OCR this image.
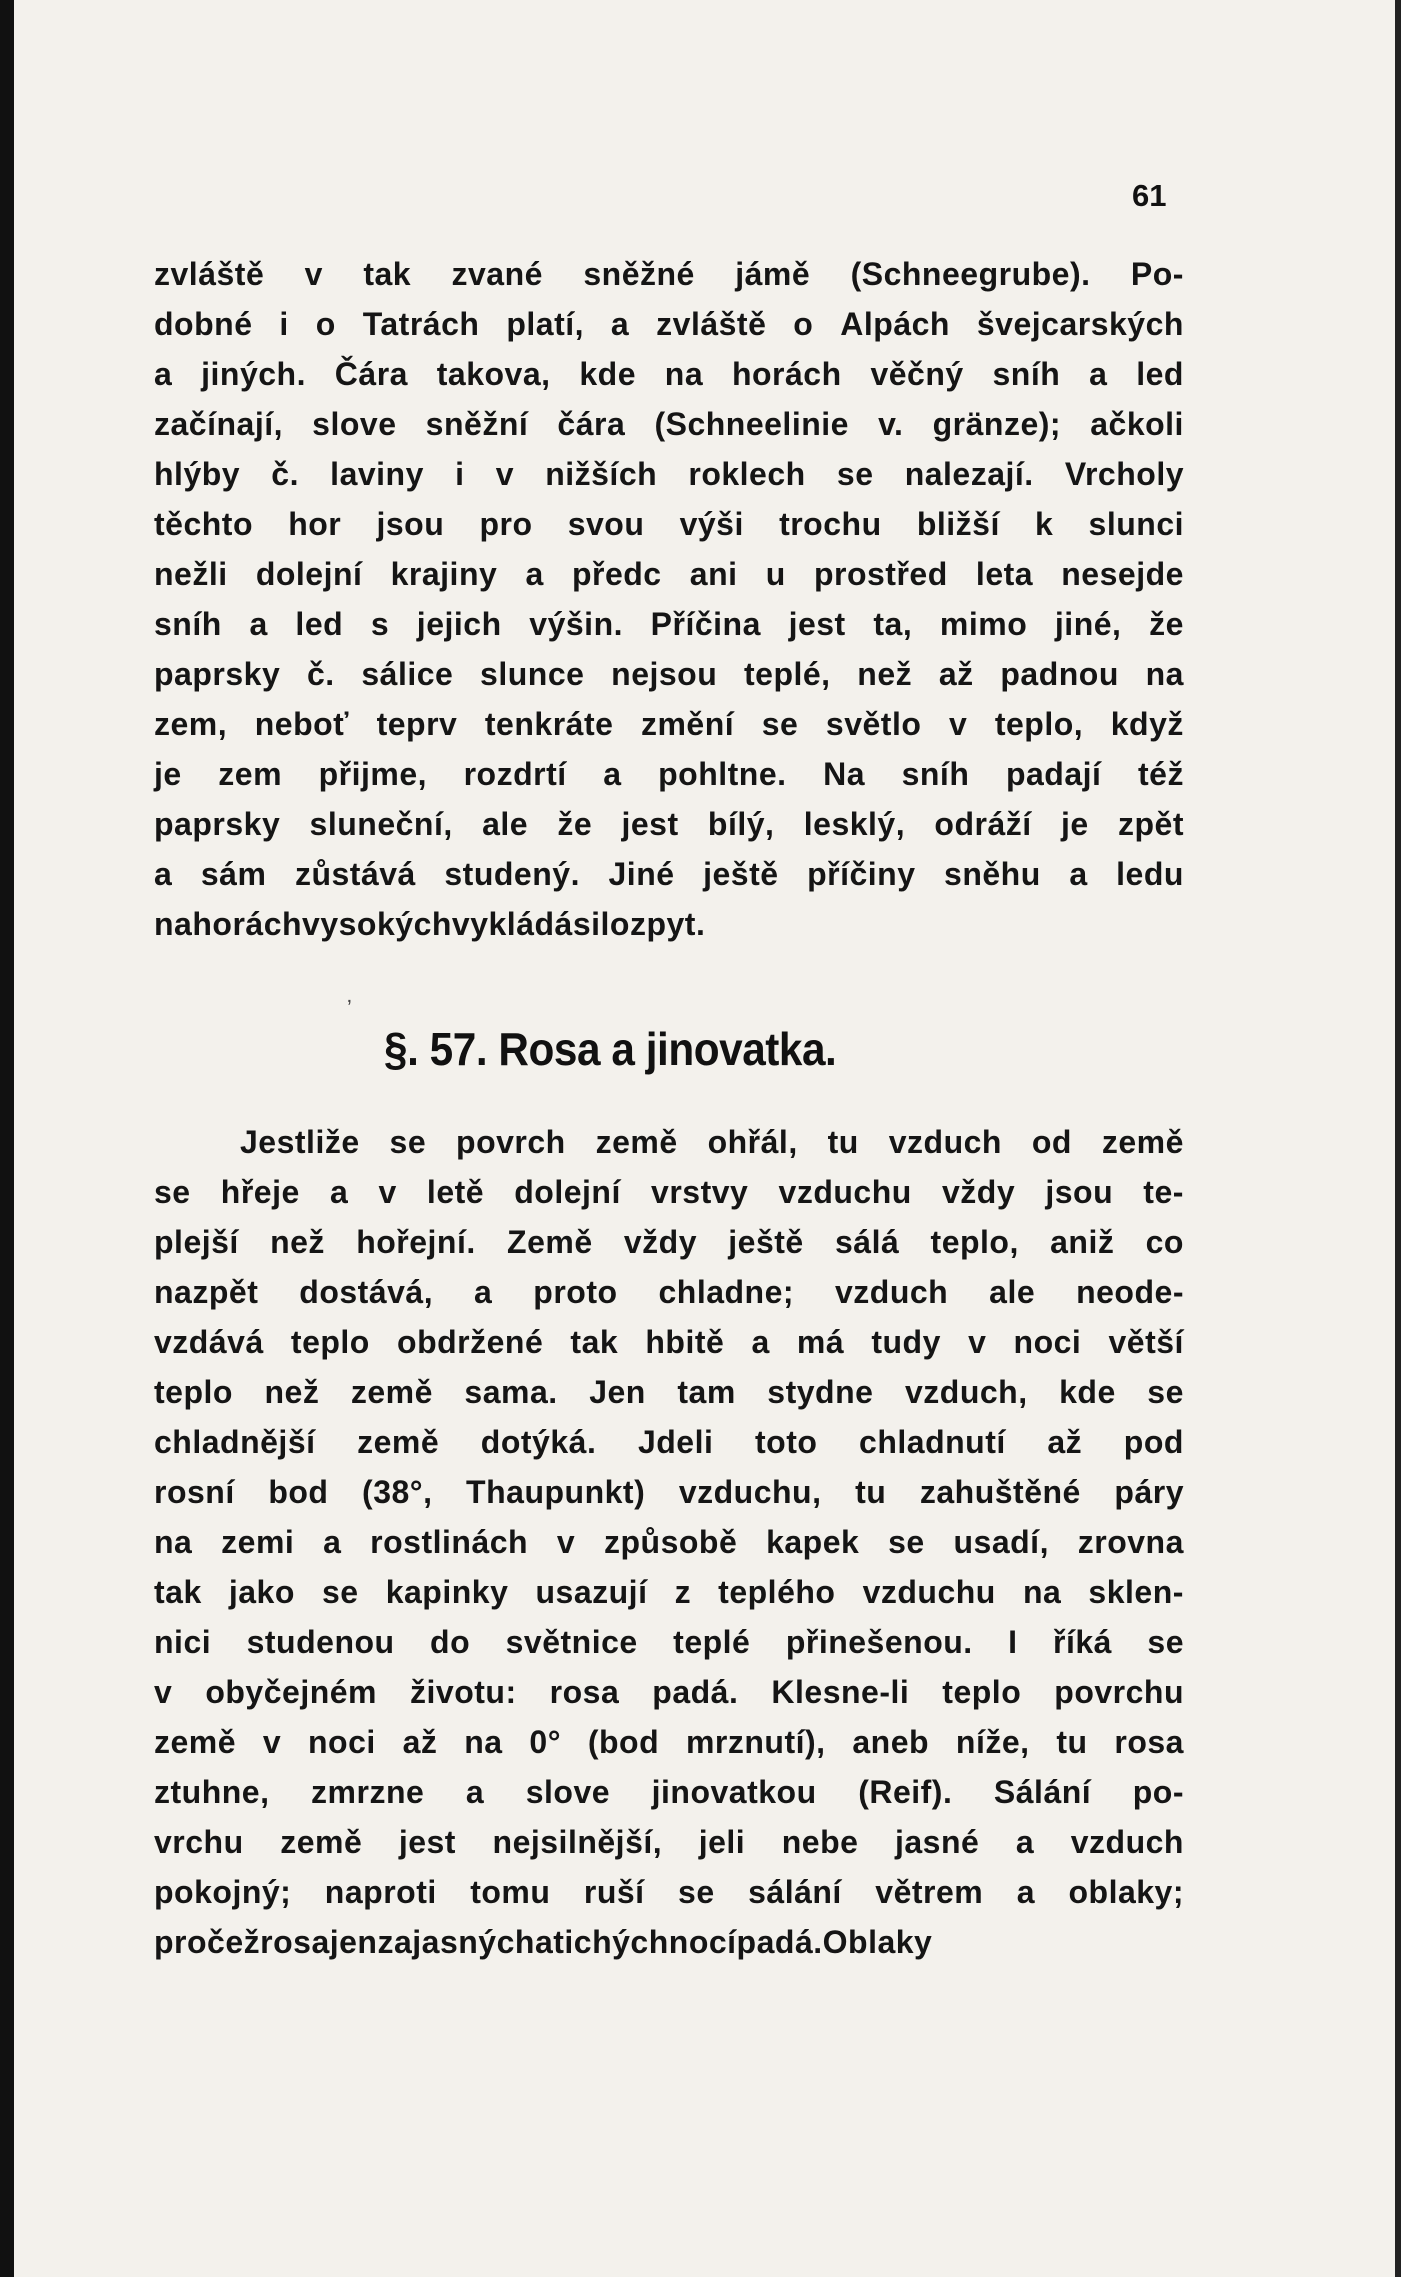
61
zvláště v tak zvané sněžné jámě (Schneegrube). Po-
dobné i o Tatrách platí, a zvláště o Alpách švejcarských
a jiných. Čára takova, kde na horách věčný sníh a led
začínají, slove sněžní čára (Schneelinie v. gränze); ačkoli
hlýby č. laviny i v nižších roklech se nalezají. Vrcholy
těchto hor jsou pro svou výši trochu bližší k slunci
nežli dolejní krajiny a předc ani u prostřed leta nesejde
sníh a led s jejich výšin. Příčina jest ta, mimo jiné, že
paprsky č. sálice slunce nejsou teplé, než až padnou na
zem, neboť teprv tenkráte změní se světlo v teplo, když
je zem přijme, rozdrtí a pohltne. Na sníh padají též
paprsky sluneční, ale že jest bílý, lesklý, odráží je zpět
a sám zůstává studený. Jiné ještě příčiny sněhu a ledu
na horách vysokých vykládá silozpyt.
§. 57. Rosa a jinovatka.
Jestliže se povrch země ohřál, tu vzduch od země
se hřeje a v letě dolejní vrstvy vzduchu vždy jsou te-
plejší než hořejní. Země vždy ještě sálá teplo, aniž co
nazpět dostává, a proto chladne; vzduch ale neode-
vzdává teplo obdržené tak hbitě a má tudy v noci větší
teplo než země sama. Jen tam stydne vzduch, kde se
chladnější země dotýká. Jdeli toto chladnutí až pod
rosní bod (38°, Thaupunkt) vzduchu, tu zahuštěné páry
na zemi a rostlinách v způsobě kapek se usadí, zrovna
tak jako se kapinky usazují z teplého vzduchu na sklen-
nici studenou do světnice teplé přinešenou. I říká se
v obyčejném životu: rosa padá. Klesne-li teplo povrchu
země v noci až na 0° (bod mrznutí), aneb níže, tu rosa
ztuhne, zmrzne a slove jinovatkou (Reif). Sálání po-
vrchu země jest nejsilnější, jeli nebe jasné a vzduch
pokojný; naproti tomu ruší se sálání větrem a oblaky;
pročež rosa jen za jasných a tichých nocí padá. Oblaky
ʼ
